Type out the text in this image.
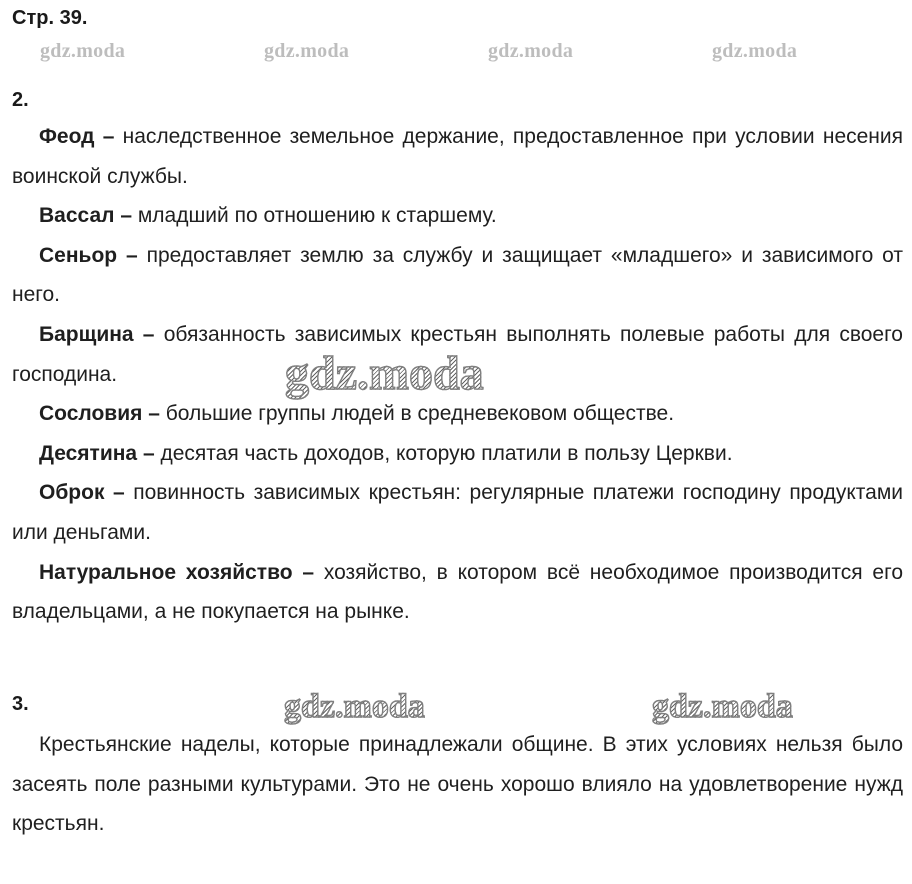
Стр. 39.
gdz.moda	gdz.moda	gdz.moda	gdz.moda
2.

Феод – наследственное земельное держание, предоставленное при условии несения воинской службы.

Вассал – младший по отношению к старшему.

Сеньор – предоставляет землю за службу и защищает «младшего» и зависимого от него.

Барщина – обязанность зависимых крестьян выполнять полевые работы для своего господина.

Сословия – большие группы людей в средневековом обществе.

Десятина – десятая часть доходов, которую платили в пользу Церкви.

Оброк – повинность зависимых крестьян: регулярные платежи господину продуктами или деньгами.

Натуральное хозяйство – хозяйство, в котором всё необходимое производится его владельцами, а не покупается на рынке.

gdz.moda
3.	gdz.moda	gdz.moda

Крестьянские наделы, которые принадлежали общине. В этих условиях нельзя было засеять поле разными культурами. Это не очень хорошо влияло на удовлетворение нужд крестьян.
